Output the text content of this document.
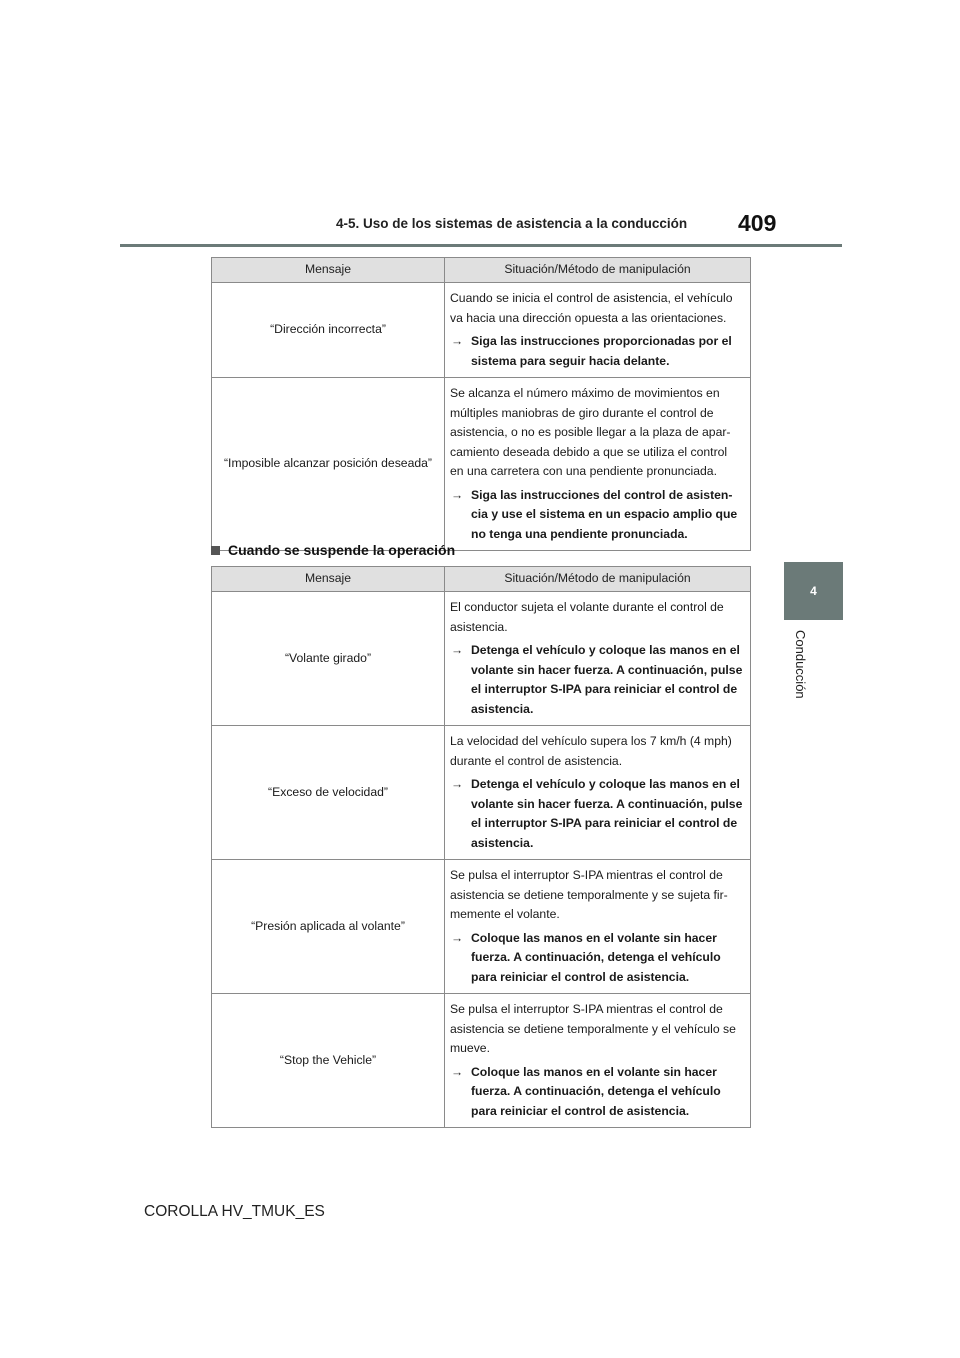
4-5. Uso de los sistemas de asistencia a la conducción 409
4
Conducción
Mensaje	Situación/Método de manipulación
“Dirección incorrecta”	Cuando se inicia el control de asistencia, el vehículo va hacia una dirección opuesta a las orientaciones.
→ Siga las instrucciones proporcionadas por el sistema para seguir hacia delante.

“Imposible alcanzar posición deseada”	Se alcanza el número máximo de movimientos en múltiples maniobras de giro durante el control de asistencia, o no es posible llegar a la plaza de apar-camiento deseada debido a que se utiliza el control en una carretera con una pendiente pronunciada.
→ Siga las instrucciones del control de asisten-cia y use el sistema en un espacio amplio que no tenga una pendiente pronunciada.
Cuando se suspende la operación
Mensaje	Situación/Método de manipulación
“Volante girado”	El conductor sujeta el volante durante el control de asistencia.
→ Detenga el vehículo y coloque las manos en el volante sin hacer fuerza. A continuación, pulse el interruptor S-IPA para reiniciar el control de asistencia.

“Exceso de velocidad”	La velocidad del vehículo supera los 7 km/h (4 mph) durante el control de asistencia.
→ Detenga el vehículo y coloque las manos en el volante sin hacer fuerza. A continuación, pulse el interruptor S-IPA para reiniciar el control de asistencia.

“Presión aplicada al volante”	Se pulsa el interruptor S-IPA mientras el control de asistencia se detiene temporalmente y se sujeta fir-memente el volante.
→ Coloque las manos en el volante sin hacer fuerza. A continuación, detenga el vehículo para reiniciar el control de asistencia.

“Stop the Vehicle”	Se pulsa el interruptor S-IPA mientras el control de asistencia se detiene temporalmente y el vehículo se mueve.
→ Coloque las manos en el volante sin hacer fuerza. A continuación, detenga el vehículo para reiniciar el control de asistencia.
COROLLA HV_TMUK_ES
